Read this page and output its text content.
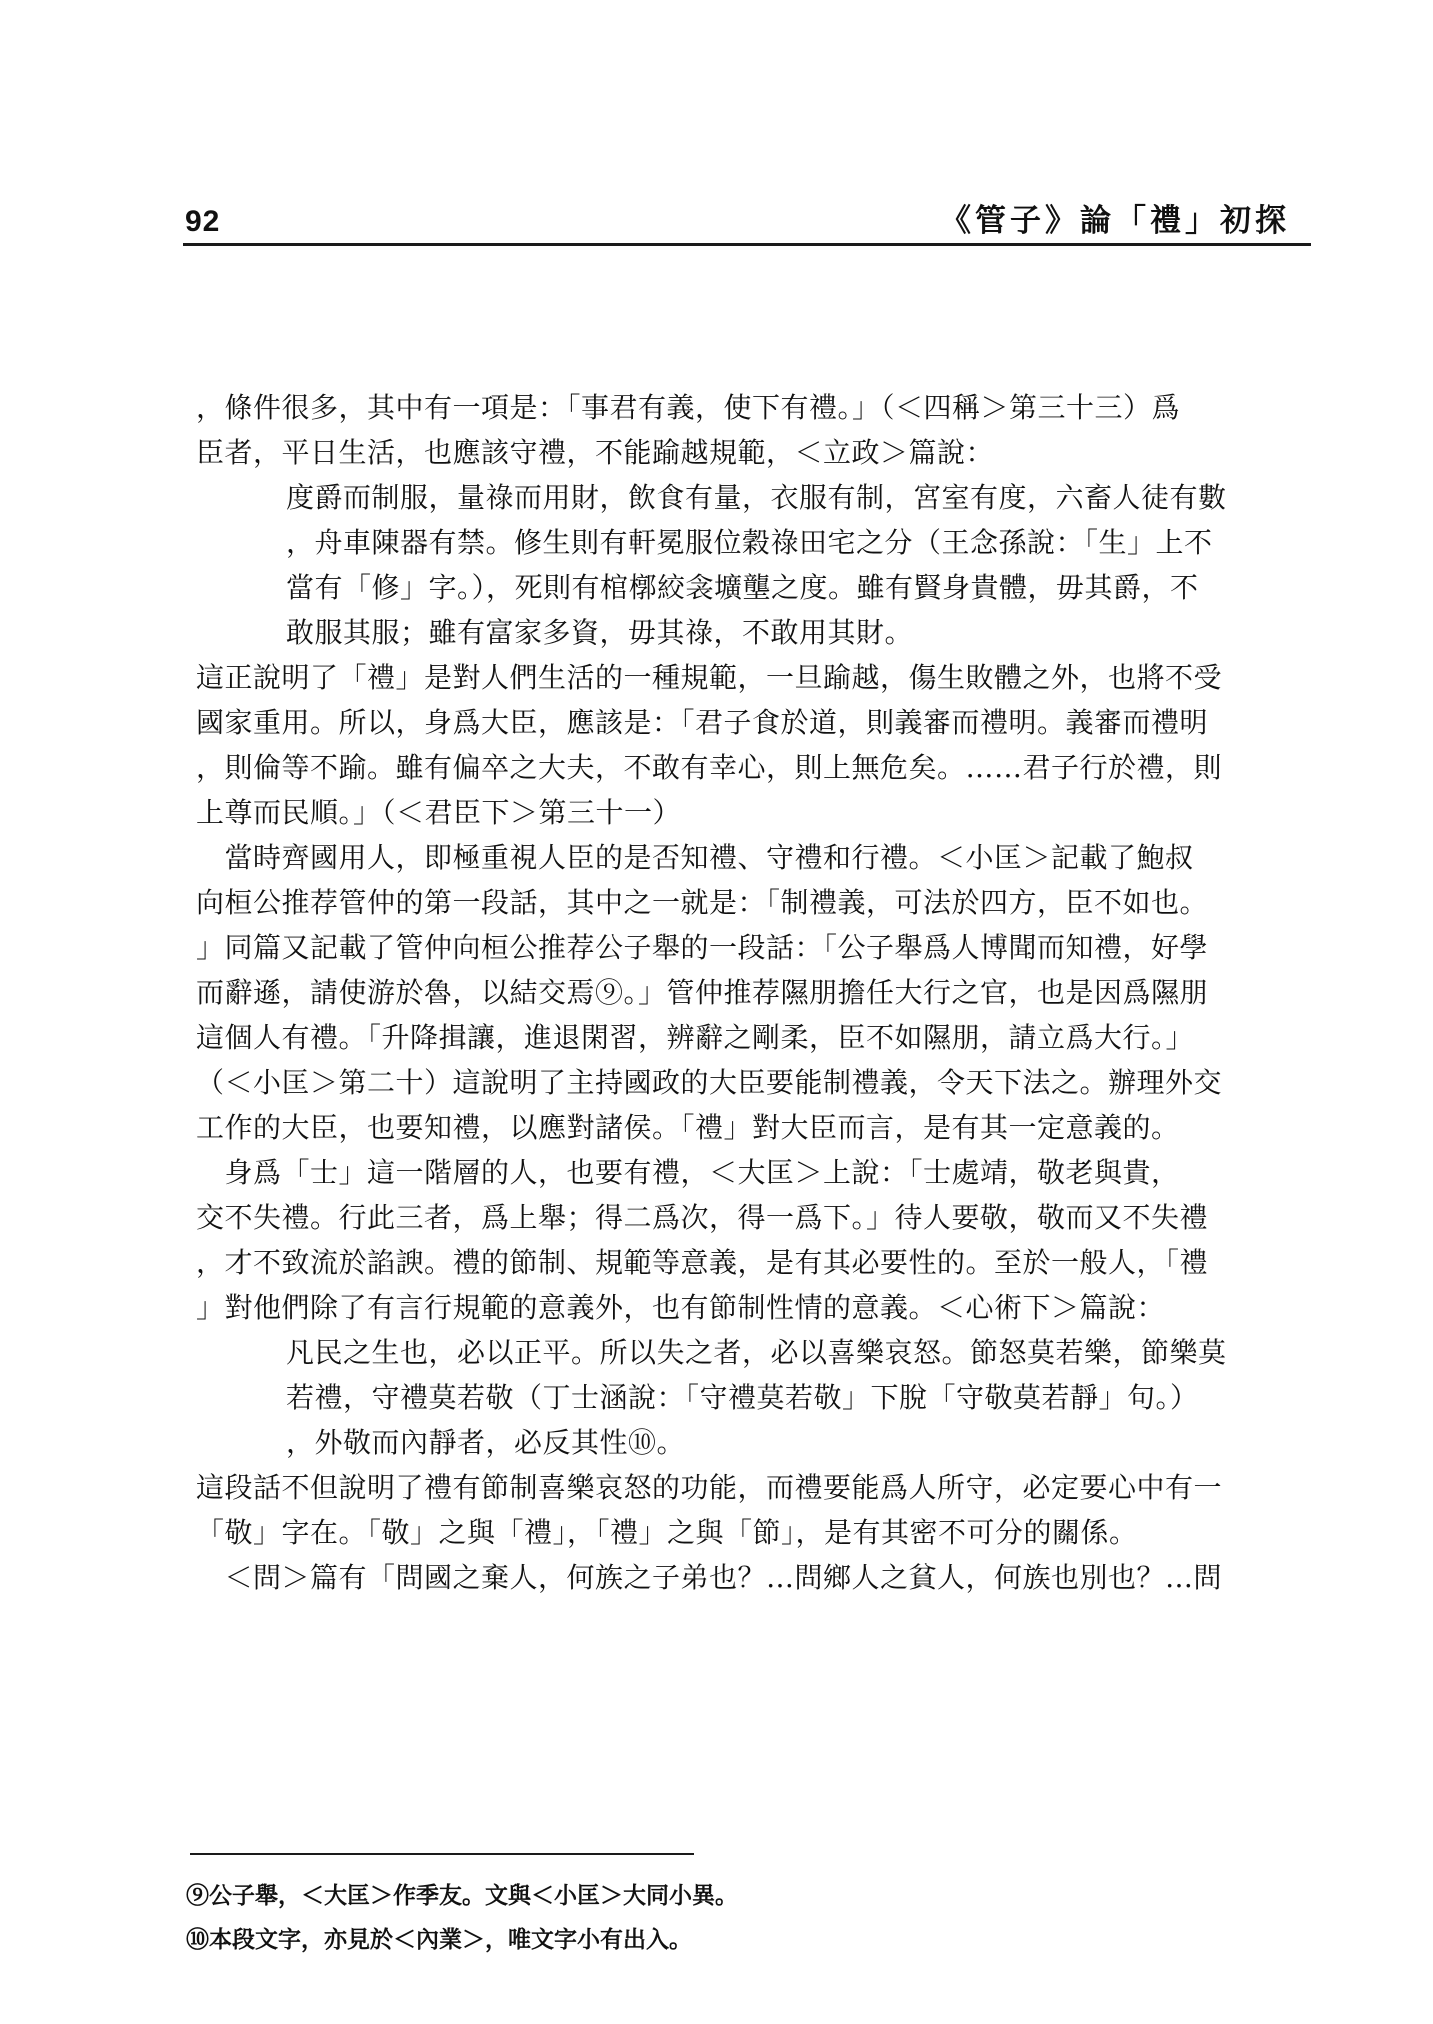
92	《管子》論「禮」初探
，條件很多，其中有一項是：「事君有義，使下有禮。」（＜四稱＞第三十三）爲
臣者，平日生活，也應該守禮，不能踰越規範，＜立政＞篇說：
度爵而制服，量祿而用財，飲食有量，衣服有制，宮室有度，六畜人徒有數
，舟車陳器有禁。修生則有軒冕服位穀祿田宅之分（王念孫說：「生」上不
當有「修」字。），死則有棺槨絞衾壙壟之度。雖有賢身貴體，毋其爵，不
敢服其服；雖有富家多資，毋其祿，不敢用其財。
這正說明了「禮」是對人們生活的一種規範，一旦踰越，傷生敗體之外，也將不受
國家重用。所以，身爲大臣，應該是：「君子食於道，則義審而禮明。義審而禮明
，則倫等不踰。雖有偏卒之大夫，不敢有幸心，則上無危矣。……君子行於禮，則
上尊而民順。」（＜君臣下＞第三十一）
　當時齊國用人，即極重視人臣的是否知禮、守禮和行禮。＜小匡＞記載了鮑叔
向桓公推荐管仲的第一段話，其中之一就是：「制禮義，可法於四方，臣不如也。
」同篇又記載了管仲向桓公推荐公子舉的一段話：「公子舉爲人博聞而知禮，好學
而辭遜，請使游於魯，以結交焉⑨。」管仲推荐隰朋擔任大行之官，也是因爲隰朋
這個人有禮。「升降揖讓，進退閑習，辨辭之剛柔，臣不如隰朋，請立爲大行。」
（＜小匡＞第二十）這說明了主持國政的大臣要能制禮義，令天下法之。辦理外交
工作的大臣，也要知禮，以應對諸侯。「禮」對大臣而言，是有其一定意義的。
　身爲「士」這一階層的人，也要有禮，＜大匡＞上說：「士處靖，敬老與貴，
交不失禮。行此三者，爲上舉；得二爲次，得一爲下。」待人要敬，敬而又不失禮
，才不致流於諂諛。禮的節制、規範等意義，是有其必要性的。至於一般人，「禮
」對他們除了有言行規範的意義外，也有節制性情的意義。＜心術下＞篇說：
凡民之生也，必以正平。所以失之者，必以喜樂哀怒。節怒莫若樂，節樂莫
若禮，守禮莫若敬（丁士涵說：「守禮莫若敬」下脫「守敬莫若靜」句。）
，外敬而內靜者，必反其性⑩。
這段話不但說明了禮有節制喜樂哀怒的功能，而禮要能爲人所守，必定要心中有一
「敬」字在。「敬」之與「禮」，「禮」之與「節」，是有其密不可分的關係。
　＜問＞篇有「問國之棄人，何族之子弟也？…問鄉人之貧人，何族也別也？…問
⑨公子舉，＜大匡＞作季友。文與＜小匡＞大同小異。
⑩本段文字，亦見於＜內業＞，唯文字小有出入。
